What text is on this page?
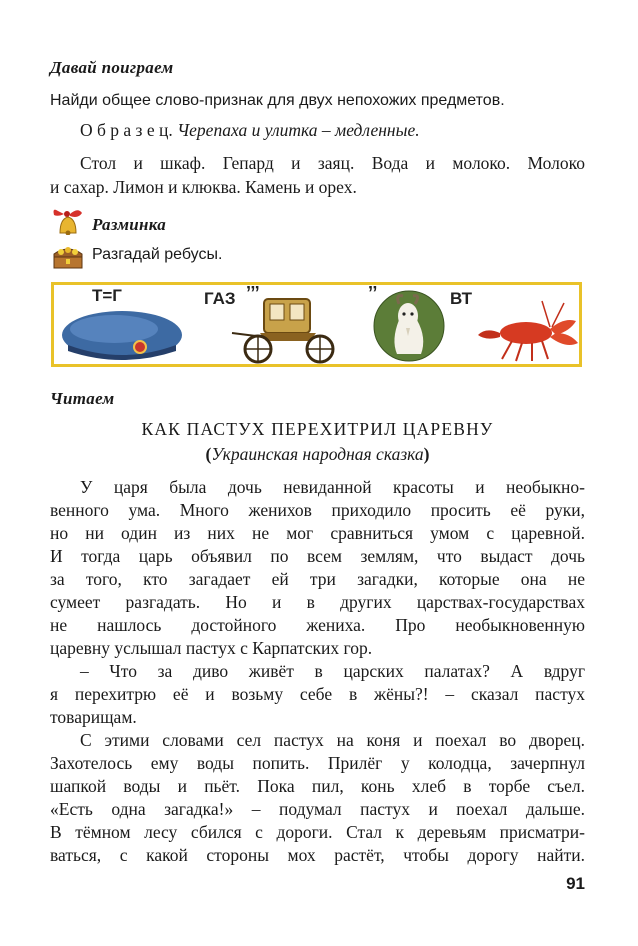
Давай поиграем
Найди общее слово-признак для двух непохожих предметов.
О б р а з е ц. Черепаха и улитка – медленные.
Стол и шкаф. Гепард и заяц. Вода и молоко. Молоко
и сахар. Лимон и клюква. Камень и орех.
Разминка
Разгадай ребусы.
Т=Г	ГАЗ ’’’	’’	ВТ
Читаем
КАК ПАСТУХ ПЕРЕХИТРИЛ ЦАРЕВНУ
(Украинская народная сказка)
У царя была дочь невиданной красоты и необыкно-
венного ума. Много женихов приходило просить её руки,
но ни один из них не мог сравниться умом с царевной.
И тогда царь объявил по всем землям, что выдаст дочь
за того, кто загадает ей три загадки, которые она не
сумеет разгадать. Но и в других царствах-государствах
не нашлось достойного жениха. Про необыкновенную
царевну услышал пастух с Карпатских гор.
– Что за диво живёт в царских палатах? А вдруг
я перехитрю её и возьму себе в жёны?! – сказал пастух
товарищам.
С этими словами сел пастух на коня и поехал во дворец.
Захотелось ему воды попить. Прилёг у колодца, зачерпнул
шапкой воды и пьёт. Пока пил, конь хлеб в торбе съел.
«Есть одна загадка!» – подумал пастух и поехал дальше.
В тёмном лесу сбился с дороги. Стал к деревьям присматри-
ваться, с какой стороны мох растёт, чтобы дорогу найти.
91
